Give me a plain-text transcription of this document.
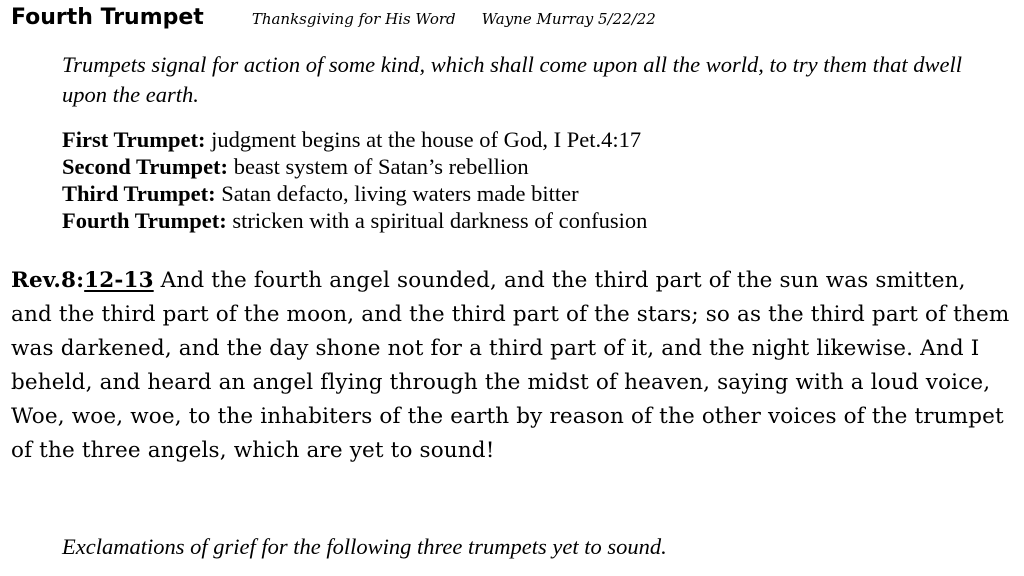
Fourth Trumpet	Thanksgiving for His Word Wayne Murray 5/22/22
Trumpets signal for action of some kind, which shall come upon all the world, to try them that dwell upon the earth.
First Trumpet: judgment begins at the house of God, I Pet.4:17
Second Trumpet: beast system of Satan’s rebellion
Third Trumpet: Satan defacto, living waters made bitter
Fourth Trumpet: stricken with a spiritual darkness of confusion
Rev.8:12-13 And the fourth angel sounded, and the third part of the sun was smitten, and the third part of the moon, and the third part of the stars; so as the third part of them was darkened, and the day shone not for a third part of it, and the night likewise. And I beheld, and heard an angel flying through the midst of heaven, saying with a loud voice, Woe, woe, woe, to the inhabiters of the earth by reason of the other voices of the trumpet of the three angels, which are yet to sound!
Exclamations of grief for the following three trumpets yet to sound.
